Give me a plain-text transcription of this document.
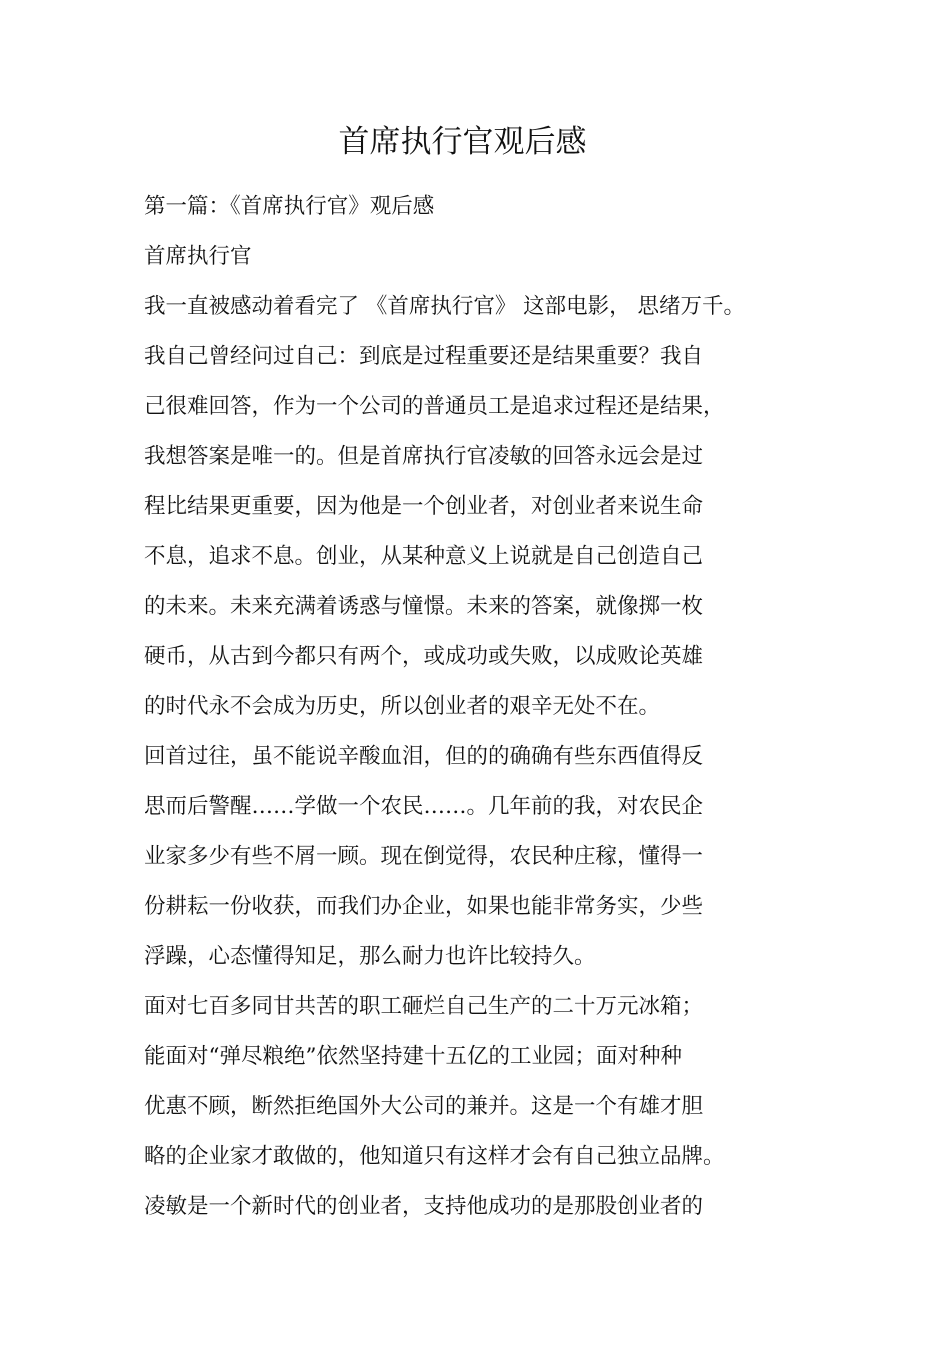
首席执行官观后感

第一篇：《首席执行官》观后感

首席执行官

我一直被感动着看完了 《首席执行官》 这部电影， 思绪万千。

我自己曾经问过自己：到底是过程重要还是结果重要？我自

己很难回答，作为一个公司的普通员工是追求过程还是结果，

我想答案是唯一的。但是首席执行官凌敏的回答永远会是过

程比结果更重要，因为他是一个创业者，对创业者来说生命

不息，追求不息。创业，从某种意义上说就是自己创造自己

的未来。未来充满着诱惑与憧憬。未来的答案，就像掷一枚

硬币，从古到今都只有两个，或成功或失败，以成败论英雄

的时代永不会成为历史，所以创业者的艰辛无处不在。

回首过往，虽不能说辛酸血泪，但的的确确有些东西值得反

思而后警醒……学做一个农民……。几年前的我，对农民企

业家多少有些不屑一顾。现在倒觉得，农民种庄稼，懂得一

份耕耘一份收获，而我们办企业，如果也能非常务实，少些

浮躁，心态懂得知足，那么耐力也许比较持久。

面对七百多同甘共苦的职工砸烂自己生产的二十万元冰箱；

能面对“弹尽粮绝”依然坚持建十五亿的工业园；面对种种

优惠不顾，断然拒绝国外大公司的兼并。这是一个有雄才胆

略的企业家才敢做的，他知道只有这样才会有自己独立品牌。

凌敏是一个新时代的创业者，支持他成功的是那股创业者的
